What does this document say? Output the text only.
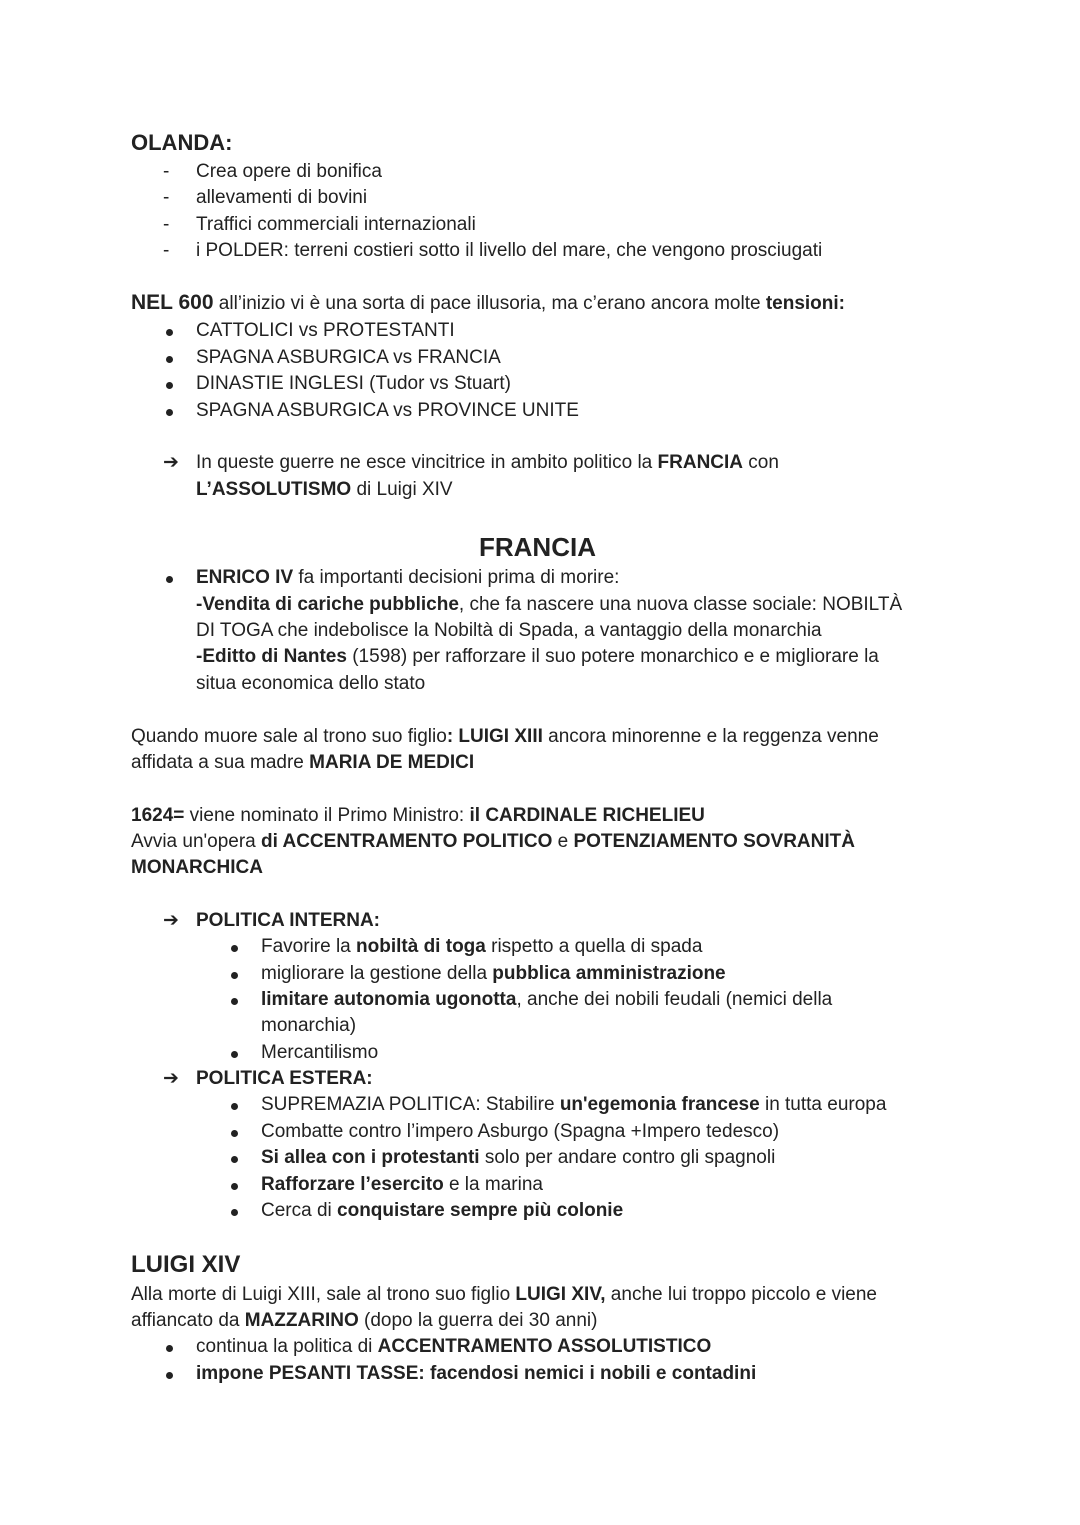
OLANDA:
- Crea opere di bonifica
- allevamenti di bovini
- Traffici commerciali internazionali
- i POLDER: terreni costieri sotto il livello del mare, che vengono prosciugati
NEL 600 all’inizio vi è una sorta di pace illusoria, ma c’erano ancora molte tensioni:
CATTOLICI vs PROTESTANTI
SPAGNA ASBURGICA vs FRANCIA
DINASTIE INGLESI (Tudor vs Stuart)
SPAGNA ASBURGICA vs PROVINCE UNITE
➔ In queste guerre ne esce vincitrice in ambito politico la FRANCIA con
L’ASSOLUTISMO di Luigi XIV
FRANCIA
ENRICO IV fa importanti decisioni prima di morire:
-Vendita di cariche pubbliche, che fa nascere una nuova classe sociale: NOBILTÀ
DI TOGA che indebolisce la Nobiltà di Spada, a vantaggio della monarchia
-Editto di Nantes (1598) per rafforzare il suo potere monarchico e e migliorare la
situa economica dello stato
Quando muore sale al trono suo figlio: LUIGI XIII ancora minorenne e la reggenza venne
affidata a sua madre MARIA DE MEDICI
1624= viene nominato il Primo Ministro: il CARDINALE RICHELIEU
Avvia un'opera di ACCENTRAMENTO POLITICO e POTENZIAMENTO SOVRANITÀ
MONARCHICA
➔ POLITICA INTERNA:
Favorire la nobiltà di toga rispetto a quella di spada
migliorare la gestione della pubblica amministrazione
limitare autonomia ugonotta, anche dei nobili feudali (nemici della
monarchia)
Mercantilismo
➔ POLITICA ESTERA:
SUPREMAZIA POLITICA: Stabilire un'egemonia francese in tutta europa
Combatte contro l’impero Asburgo (Spagna +Impero tedesco)
Si allea con i protestanti solo per andare contro gli spagnoli
Rafforzare l’esercito e la marina
Cerca di conquistare sempre più colonie
LUIGI XIV
Alla morte di Luigi XIII, sale al trono suo figlio LUIGI XIV, anche lui troppo piccolo e viene
affiancato da MAZZARINO (dopo la guerra dei 30 anni)
continua la politica di ACCENTRAMENTO ASSOLUTISTICO
impone PESANTI TASSE: facendosi nemici i nobili e contadini
